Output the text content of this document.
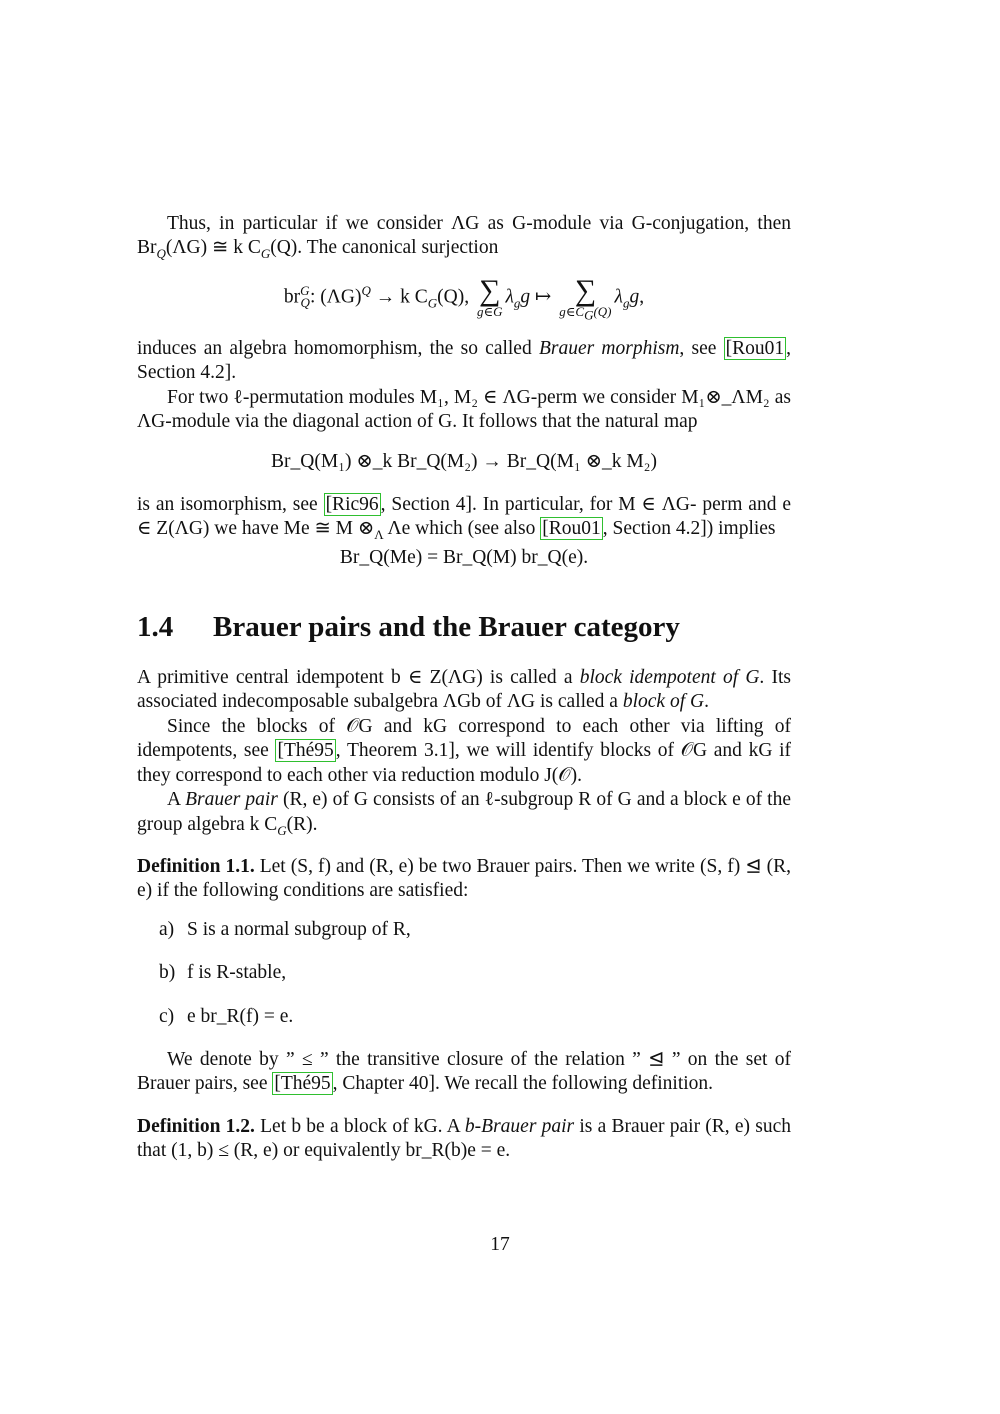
Thus, in particular if we consider ΛG as G-module via G-conjugation, then $Br_Q(\Lambda G)$ ≅ k $C_G(Q)$. The canonical surjection

$br^G_Q$: $(\Lambda G)^Q \to k$ $C_G(Q)$, ∑
g∈G
$\lambda_gg$ ↦ ∑
$g\in C_G(Q)$
$\lambda_gg$,

induces an algebra homomorphism, the so called Brauer morphism, see [Rou01 , Section 4.2].

For two ℓ-permutation modules M₁, M₂ ∈ ΛG-perm we consider M₁⊗_ΛM₂ as ΛG-module via the diagonal action of G. It follows that the natural map

Br_Q(M₁) ⊗_k Br_Q(M₂) → Br_Q(M₁ ⊗_k M₂)

is an isomorphism, see [Ric96 , Section 4]. In particular, for M ∈ ΛG- perm and e ∈ Z(ΛG) we have Me ≅ M $\otimes_\Lambda$ Λe which (see also [Rou01 , Section 4.2]) implies

Br_Q(Me) = Br_Q(M) br_Q(e).
1.4 Brauer pairs and the Brauer category

A primitive central idempotent b ∈ Z(ΛG) is called a block idempotent of G. Its associated indecomposable subalgebra ΛGb of ΛG is called a block of G.

Since the blocks of 𝒪G and kG correspond to each other via lifting of idempotents, see [Thé95 , Theorem 3.1], we will identify blocks of 𝒪G and kG if they correspond to each other via reduction modulo J(𝒪).

A Brauer pair (R, e) of G consists of an ℓ-subgroup R of G and a block e of the group algebra k $C_G(R)$.

Definition 1.1. Let (S, f) and (R, e) be two Brauer pairs. Then we write (S, f) ⊴ (R, e) if the following conditions are satisfied:

a) S is a normal subgroup of R,
b) f is R-stable,
c) e br_R(f) = e.

We denote by ” ≤ ” the transitive closure of the relation ” ⊴ ” on the set of Brauer pairs, see [Thé95 , Chapter 40]. We recall the following definition.

Definition 1.2. Let b be a block of kG. A b-Brauer pair is a Brauer pair (R, e) such that (1, b) ≤ (R, e) or equivalently br_R(b)e = e.

17
